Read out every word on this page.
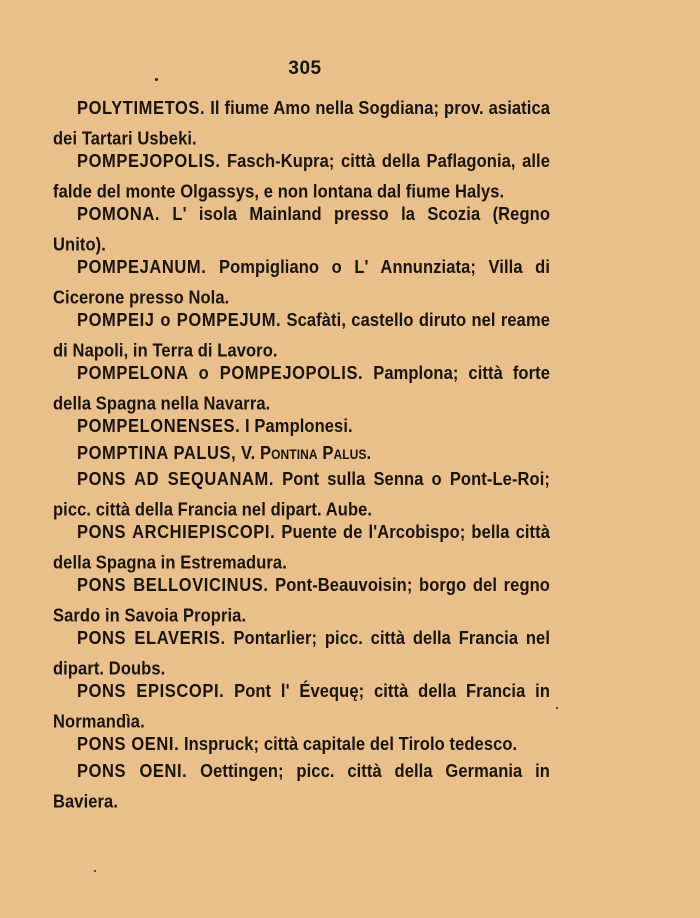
305

POLYTIMETOS. Il fiume Amo nella Sogdiana; prov. asiatica dei Tartari Usbeki.

POMPEJOPOLIS. Fasch-Kupra; città della Paflagonia, alle falde del monte Olgassys, e non lontana dal fiume Halys.

POMONA. L' isola Mainland presso la Scozia (Regno Unito).

POMPEJANUM. Pompigliano o L' Annunziata; Villa di Cicerone presso Nola.

POMPEIJ o POMPEJUM. Scafàti, castello diruto nel reame di Napoli, in Terra di Lavoro.

POMPELONA o POMPEJOPOLIS. Pamplona; città forte della Spagna nella Navarra.

POMPELONENSES. I Pamplonesi.

POMPTINA PALUS, V. Pontina Palus.

PONS AD SEQUANAM. Pont sulla Senna o Pont-Le-Roi; picc. città della Francia nel dipart. Aube.

PONS ARCHIEPISCOPI. Puente de l'Arcobispo; bella città della Spagna in Estremadura.

PONS BELLOVICINUS. Pont-Beauvoisin; borgo del regno Sardo in Savoia Propria.

PONS ELAVERIS. Pontarlier; picc. città della Francia nel dipart. Doubs.

PONS EPISCOPI. Pont l' Évequę; città della Francia in Normandìa.

PONS OENI. Inspruck; città capitale del Tirolo tedesco.

PONS OENI. Oettingen; picc. città della Germania in Baviera.
